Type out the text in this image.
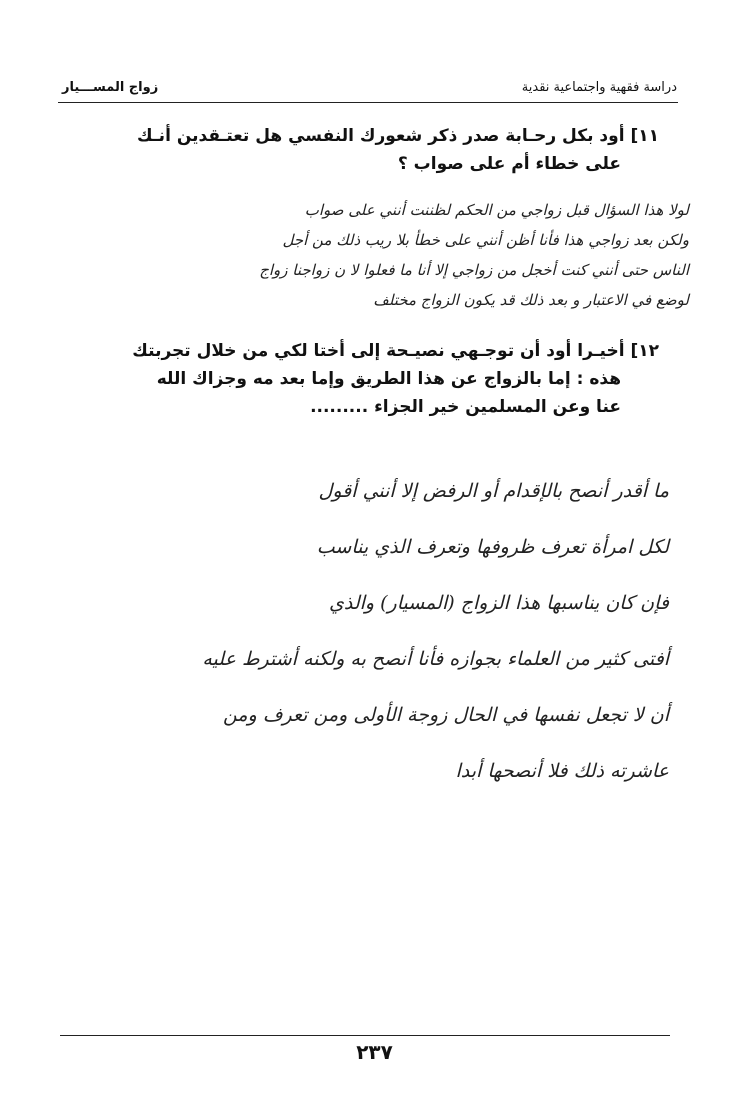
زواج المســـيار	دراسة فقهية واجتماعية نقدية
١١] أود بكل رحـابة صدر ذكر شعورك النفسي هل تعتـقدين أنـك
على خطاء أم على صواب ؟
لولا هذا السؤال قبل زواجي من الحكم لظننت أنني على صواب
ولكن بعد زواجي هذا فأنا أظن أنني على خطأ بلا ريب ذلك من أجل
الناس حتى أنني كنت أخجل من زواجي إلا أنا ما فعلوا لا ن زواجنا زواج
لوضع في الاعتبار و بعد ذلك قد يكون الزواج مختلف
١٢] أخيـرا أود أن توجـهي نصيـحة إلى أختا لكي من خلال تجربتك
هذه : إما بالزواج عن هذا الطريق وإما بعد مه وجزاك الله
عنا وعن المسلمين خير الجزاء .........
ما أقدر أنصح بالإقدام أو الرفض إلا أنني أقول
لكل امرأة تعرف ظروفها وتعرف الذي يناسب
فإن كان يناسبها هذا الزواج (المسيار) والذي
أفتى كثير من العلماء بجوازه فأنا أنصح به ولكنه أشترط عليه
أن لا تجعل نفسها في الحال زوجة الأولى ومن تعرف ومن
عاشرته ذلك فلا أنصحها أبدا
٢٣٧
